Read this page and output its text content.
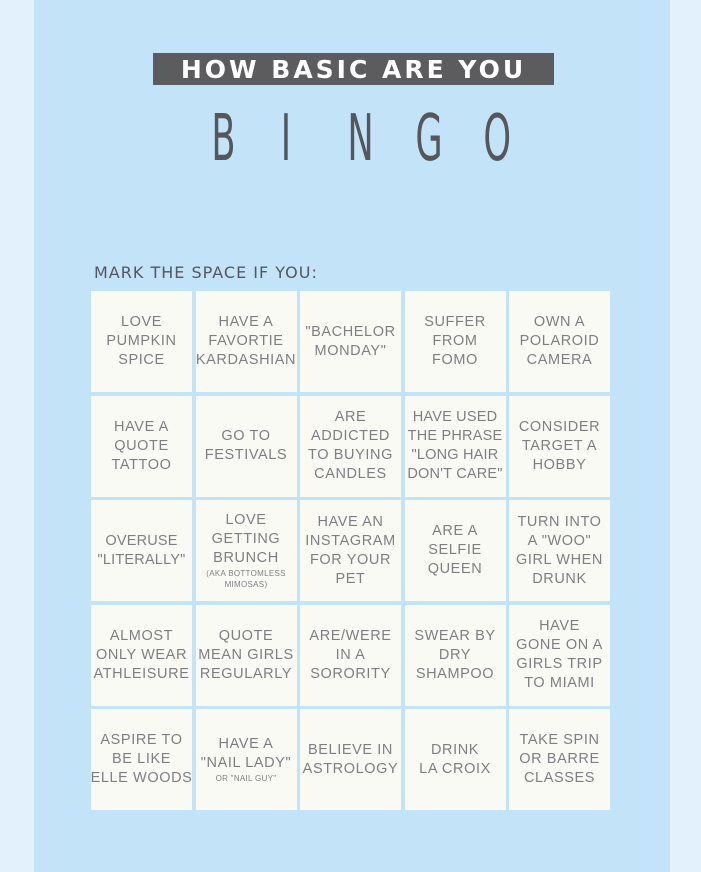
HOW BASIC ARE YOU
B I N G O
MARK THE SPACE IF YOU:
LOVE
PUMPKIN
SPICE
HAVE A
FAVORTIE
KARDASHIAN
"BACHELOR
MONDAY"
SUFFER
FROM
FOMO
OWN A
POLAROID
CAMERA
HAVE A
QUOTE
TATTOO
GO TO
FESTIVALS
ARE
ADDICTED
TO BUYING
CANDLES
HAVE USED
THE PHRASE
"LONG HAIR
DON'T CARE"
CONSIDER
TARGET A
HOBBY
OVERUSE
"LITERALLY"
LOVE
GETTING
BRUNCH
(AKA BOTTOMLESS
MIMOSAS)
HAVE AN
INSTAGRAM
FOR YOUR
PET
ARE A
SELFIE
QUEEN
TURN INTO
A "WOO"
GIRL WHEN
DRUNK
ALMOST
ONLY WEAR
ATHLEISURE
QUOTE
MEAN GIRLS
REGULARLY
ARE/WERE
IN A
SORORITY
SWEAR BY
DRY
SHAMPOO
HAVE
GONE ON A
GIRLS TRIP
TO MIAMI
ASPIRE TO
BE LIKE
ELLE WOODS
HAVE A
"NAIL LADY"
OR "NAIL GUY"
BELIEVE IN
ASTROLOGY
DRINK
LA CROIX
TAKE SPIN
OR BARRE
CLASSES
